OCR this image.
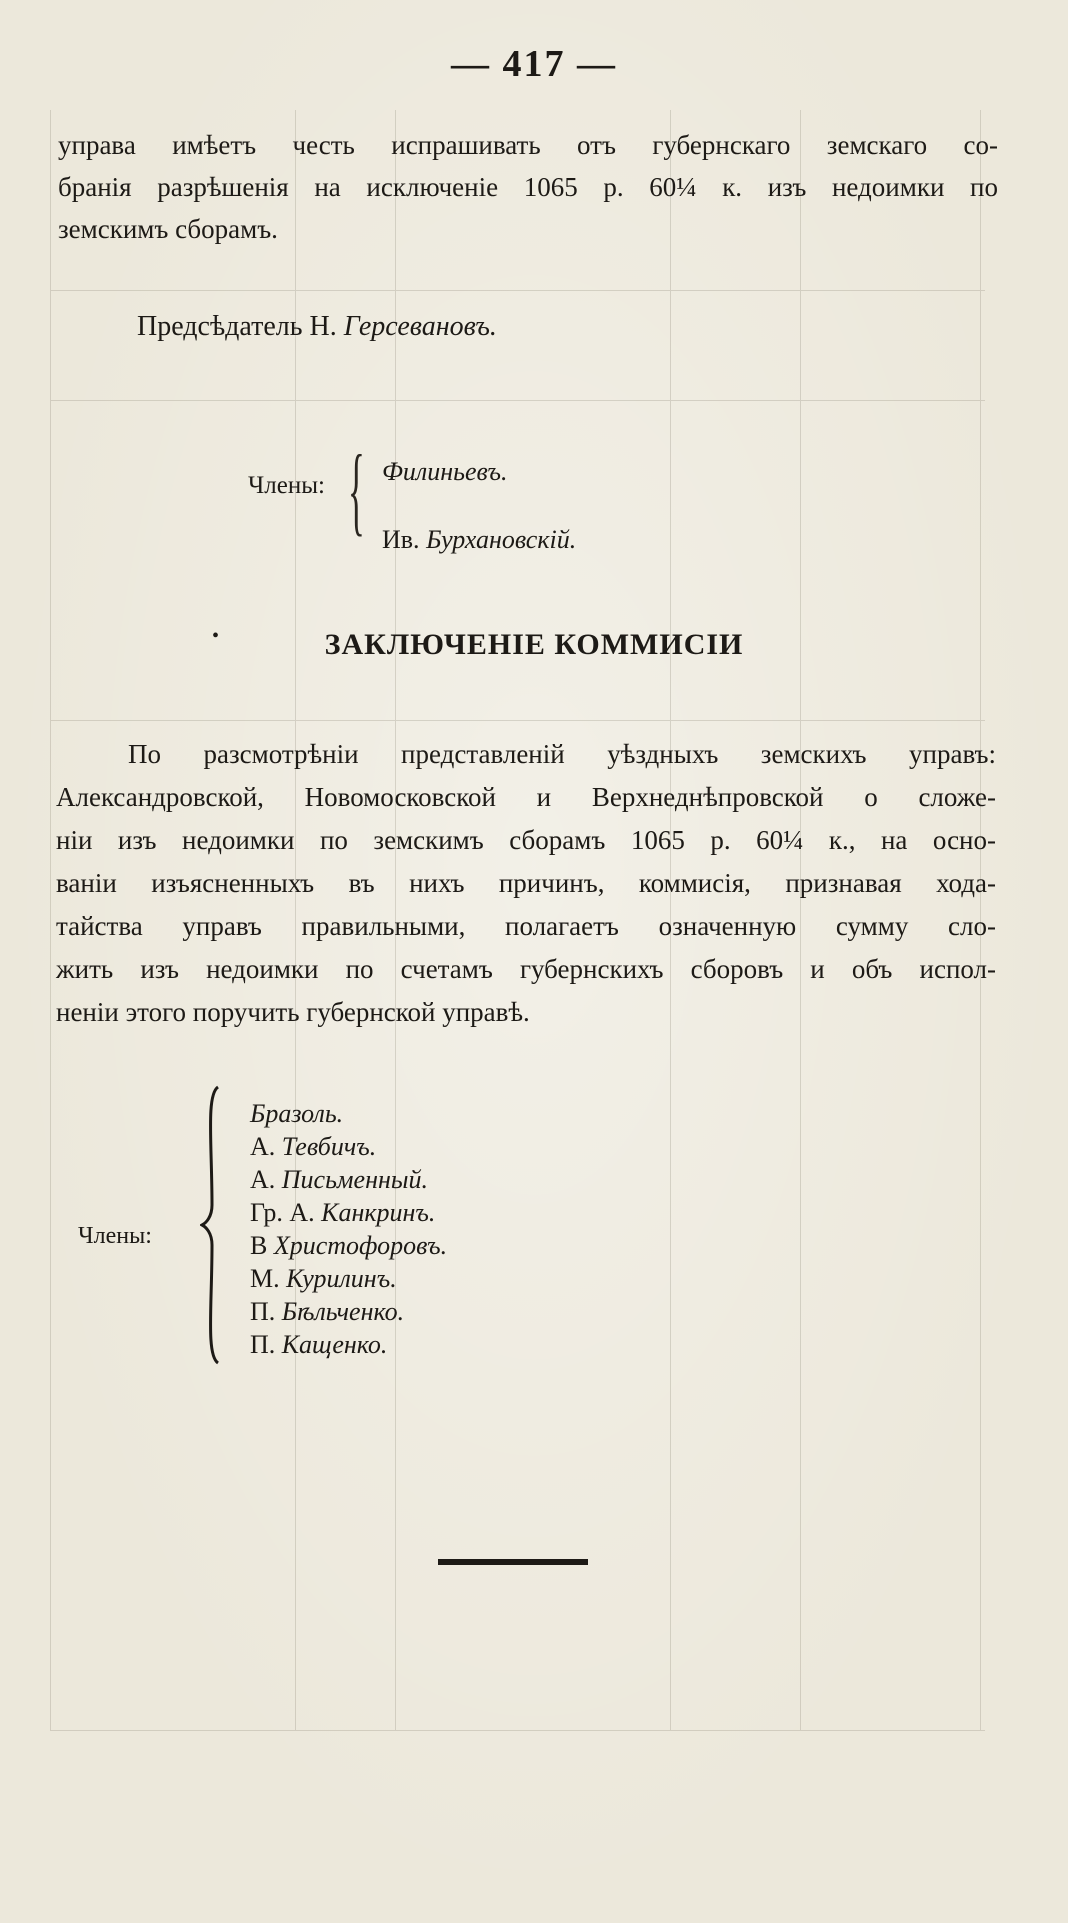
— 417 —
управа имѣетъ честь испрашивать отъ губернскаго земскаго со-
бранія разрѣшенія на исключеніе 1065 р. 60¼ к. изъ недоимки по
земскимъ сборамъ.
Предсѣдатель Н. Герсевановъ.
Члены: { Филиньевъ.
Ив. Бурхановскій.
•	ЗАКЛЮЧЕНІЕ КОММИСІИ
По разсмотрѣніи представленій уѣздныхъ земскихъ управъ:
Александровской, Новомосковской и Верхнеднѣпровской о сложе-
ніи изъ недоимки по земскимъ сборамъ 1065 р. 60¼ к., на осно-
ваніи изъясненныхъ въ нихъ причинъ, коммисія, признавая хода-
тайства управъ правильными, полагаетъ означенную сумму сло-
жить изъ недоимки по счетамъ губернскихъ сборовъ и объ испол-
неніи этого поручить губернской управѣ.
Члены:
Бразоль.
А. Тевбичъ.
А. Письменный.
Гр. А. Канкринъ.
В Христофоровъ.
М. Курилинъ.
П. Бѣльченко.
П. Кащенко.
